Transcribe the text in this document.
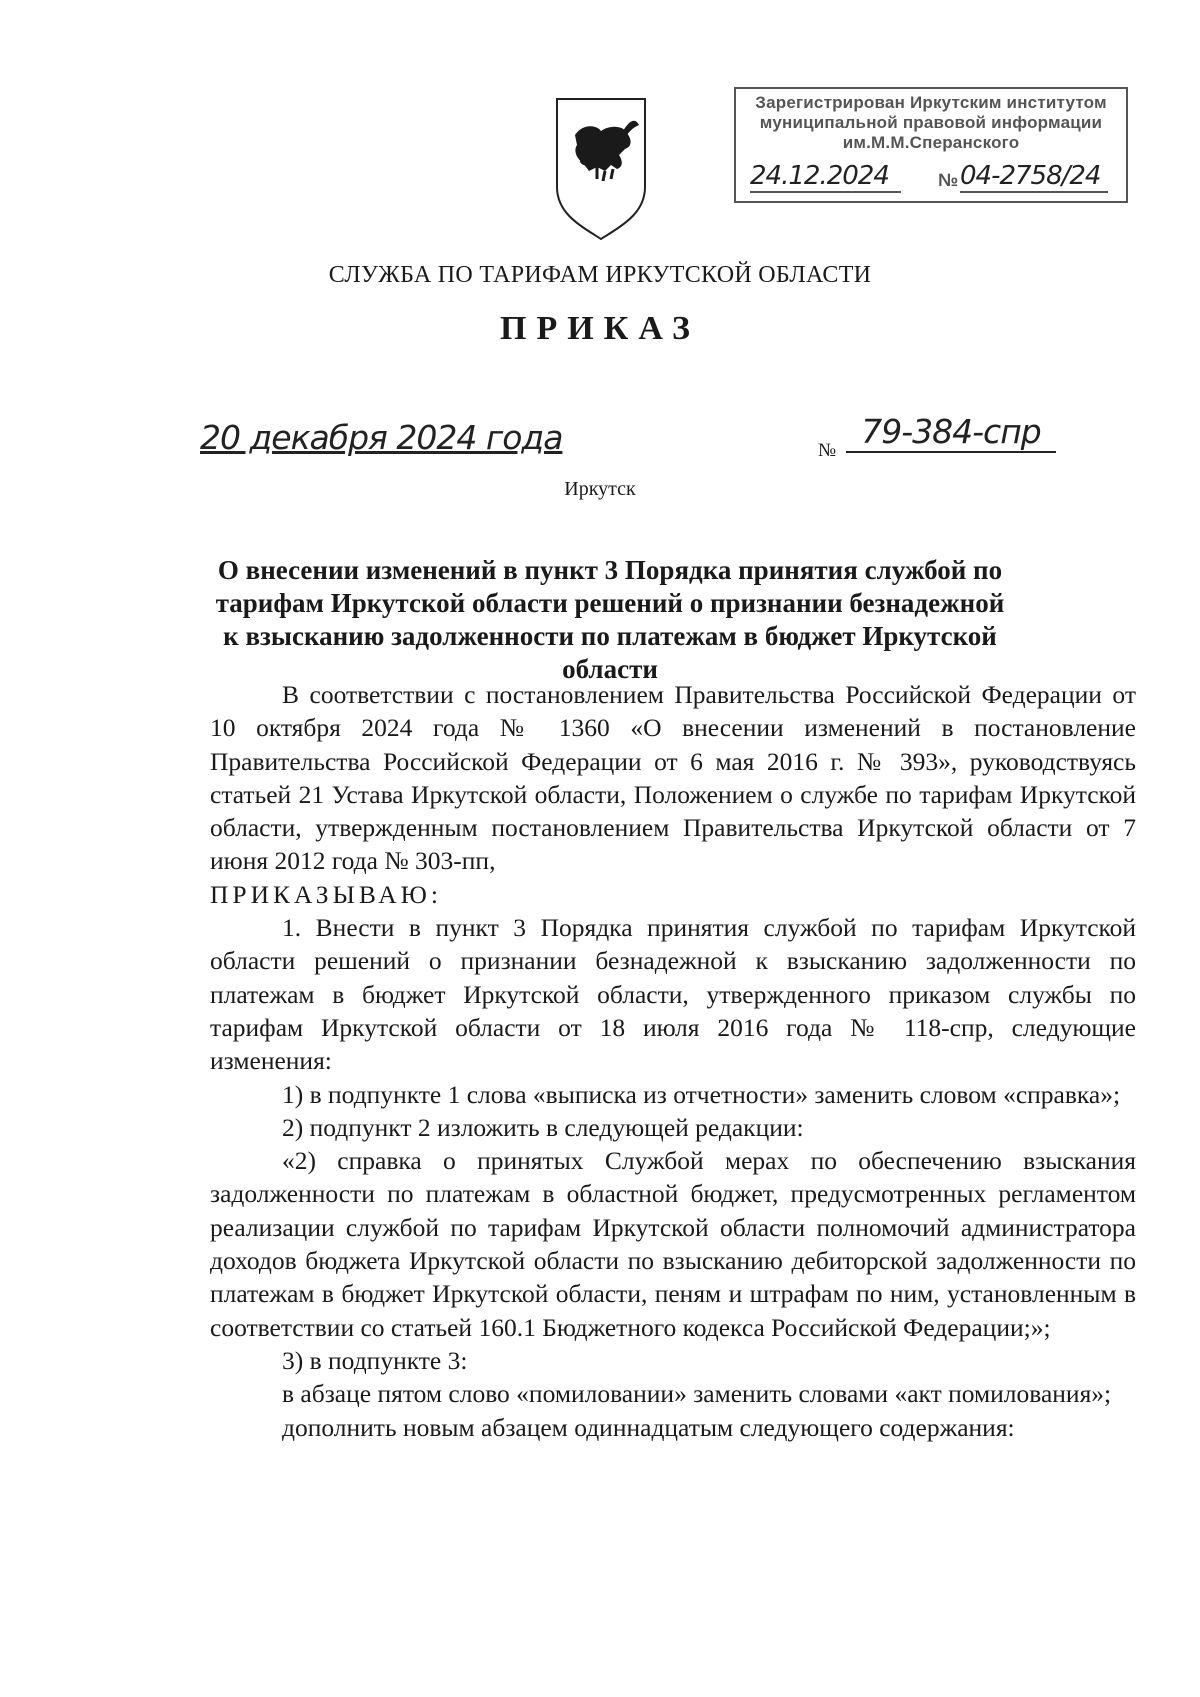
Зарегистрирован Иркутским институтом
муниципальной правовой информации
им.М.М.Сперанского
24.12.2024	№ 04-2758/24
СЛУЖБА ПО ТАРИФАМ ИРКУТСКОЙ ОБЛАСТИ
ПРИКАЗ
20 декабря 2024 года	№ 79-384-спр
Иркутск
О внесении изменений в пункт 3 Порядка принятия службой по тарифам Иркутской области решений о признании безнадежной к взысканию задолженности по платежам в бюджет Иркутской области

В соответствии с постановлением Правительства Российской Федерации от 10 октября 2024 года № 1360 «О внесении изменений в постановление Правительства Российской Федерации от 6 мая 2016 г. № 393», руководствуясь статьей 21 Устава Иркутской области, Положением о службе по тарифам Иркутской области, утвержденным постановлением Правительства Иркутской области от 7 июня 2012 года № 303-пп,

ПРИКАЗЫВАЮ:

1. Внести в пункт 3 Порядка принятия службой по тарифам Иркутской области решений о признании безнадежной к взысканию задолженности по платежам в бюджет Иркутской области, утвержденного приказом службы по тарифам Иркутской области от 18 июля 2016 года № 118-спр, следующие изменения:

1) в подпункте 1 слова «выписка из отчетности» заменить словом «справка»;

2) подпункт 2 изложить в следующей редакции:

«2) справка о принятых Службой мерах по обеспечению взыскания задолженности по платежам в областной бюджет, предусмотренных регламентом реализации службой по тарифам Иркутской области полномочий администратора доходов бюджета Иркутской области по взысканию дебиторской задолженности по платежам в бюджет Иркутской области, пеням и штрафам по ним, установленным в соответствии со статьей 160.1 Бюджетного кодекса Российской Федерации;»;

3) в подпункте 3:

в абзаце пятом слово «помиловании» заменить словами «акт помилования»;

дополнить новым абзацем одиннадцатым следующего содержания:
